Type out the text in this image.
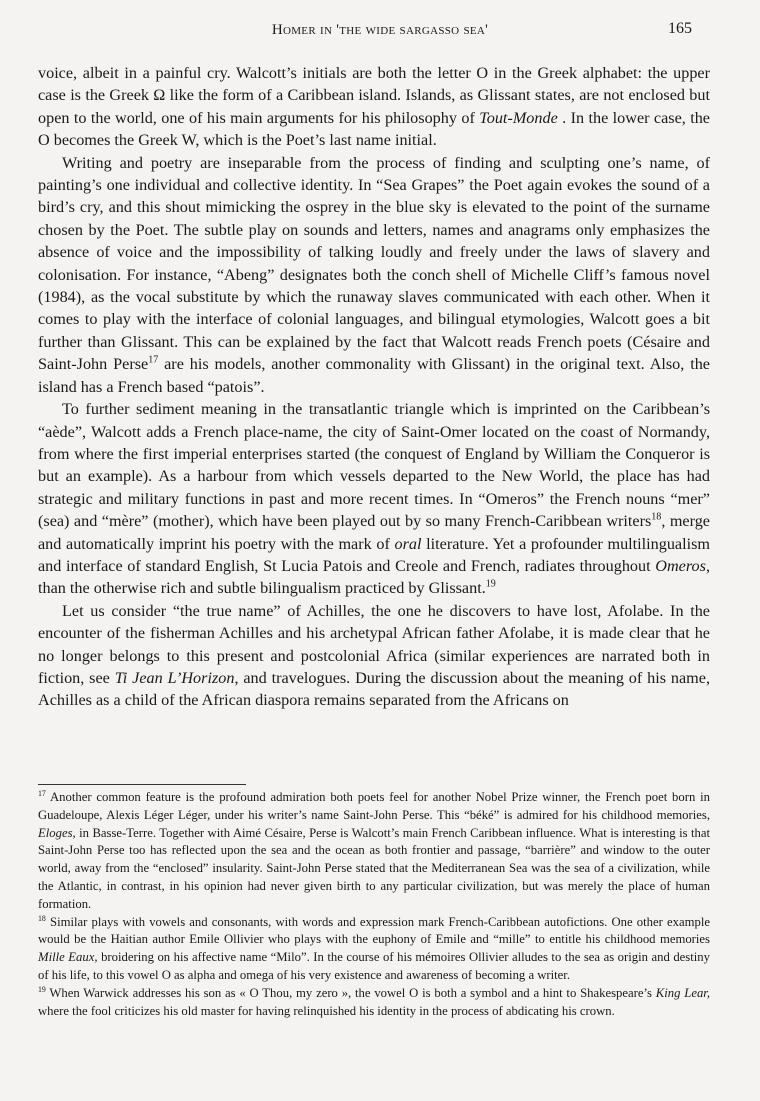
Homer in 'the wide sargasso sea'	165

voice, albeit in a painful cry. Walcott’s initials are both the letter O in the Greek alphabet: the upper case is the Greek Ω like the form of a Caribbean island. Islands, as Glissant states, are not enclosed but open to the world, one of his main arguments for his philosophy of Tout-Monde . In the lower case, the O becomes the Greek W, which is the Poet’s last name initial.

Writing and poetry are inseparable from the process of finding and sculpting one’s name, of painting’s one individual and collective identity. In “Sea Grapes” the Poet again evokes the sound of a bird’s cry, and this shout mimicking the osprey in the blue sky is elevated to the point of the surname chosen by the Poet. The subtle play on sounds and letters, names and anagrams only emphasizes the absence of voice and the impossibility of talking loudly and freely under the laws of slavery and colonisation. For instance, “Abeng” designates both the conch shell of Michelle Cliff’s famous novel (1984), as the vocal substitute by which the runaway slaves communicated with each other. When it comes to play with the interface of colonial languages, and bilingual etymologies, Walcott goes a bit further than Glissant. This can be explained by the fact that Walcott reads French poets (Césaire and Saint-John Perse$^{17}$ are his models, another commonality with Glissant) in the original text. Also, the island has a French based “patois”.

To further sediment meaning in the transatlantic triangle which is imprinted on the Caribbean’s “aède”, Walcott adds a French place-name, the city of Saint-Omer located on the coast of Normandy, from where the first imperial enterprises started (the conquest of England by William the Conqueror is but an example). As a harbour from which vessels departed to the New World, the place has had strategic and military functions in past and more recent times. In “Omeros” the French nouns “mer” (sea) and “mère” (mother), which have been played out by so many French-Caribbean writers$^{18}$, merge and automatically imprint his poetry with the mark of oral literature. Yet a profounder multilingualism and interface of standard English, St Lucia Patois and Creole and French, radiates throughout Omeros, than the otherwise rich and subtle bilingualism practiced by Glissant.$^{19}$

Let us consider “the true name” of Achilles, the one he discovers to have lost, Afolabe. In the encounter of the fisherman Achilles and his archetypal African father Afolabe, it is made clear that he no longer belongs to this present and postcolonial Africa (similar experiences are narrated both in fiction, see Ti Jean L’Horizon, and travelogues. During the discussion about the meaning of his name, Achilles as a child of the African diaspora remains separated from the Africans on

$^{17}$ Another common feature is the profound admiration both poets feel for another Nobel Prize winner, the French poet born in Guadeloupe, Alexis Léger Léger, under his writer’s name Saint-John Perse. This “béké” is admired for his childhood memories, Eloges, in Basse-Terre. Together with Aimé Césaire, Perse is Walcott’s main French Caribbean influence. What is interesting is that Saint-John Perse too has reflected upon the sea and the ocean as both frontier and passage, “barrière” and window to the outer world, away from the “enclosed” insularity. Saint-John Perse stated that the Mediterranean Sea was the sea of a civilization, while the Atlantic, in contrast, in his opinion had never given birth to any particular civilization, but was merely the place of human formation.

$^{18}$ Similar plays with vowels and consonants, with words and expression mark French-Caribbean autofictions. One other example would be the Haitian author Emile Ollivier who plays with the euphony of Emile and “mille” to entitle his childhood memories Mille Eaux, broidering on his affective name “Milo”. In the course of his mémoires Ollivier alludes to the sea as origin and destiny of his life, to this vowel O as alpha and omega of his very existence and awareness of becoming a writer.

$^{19}$ When Warwick addresses his son as « O Thou, my zero », the vowel O is both a symbol and a hint to Shakespeare’s King Lear, where the fool criticizes his old master for having relinquished his identity in the process of abdicating his crown.
